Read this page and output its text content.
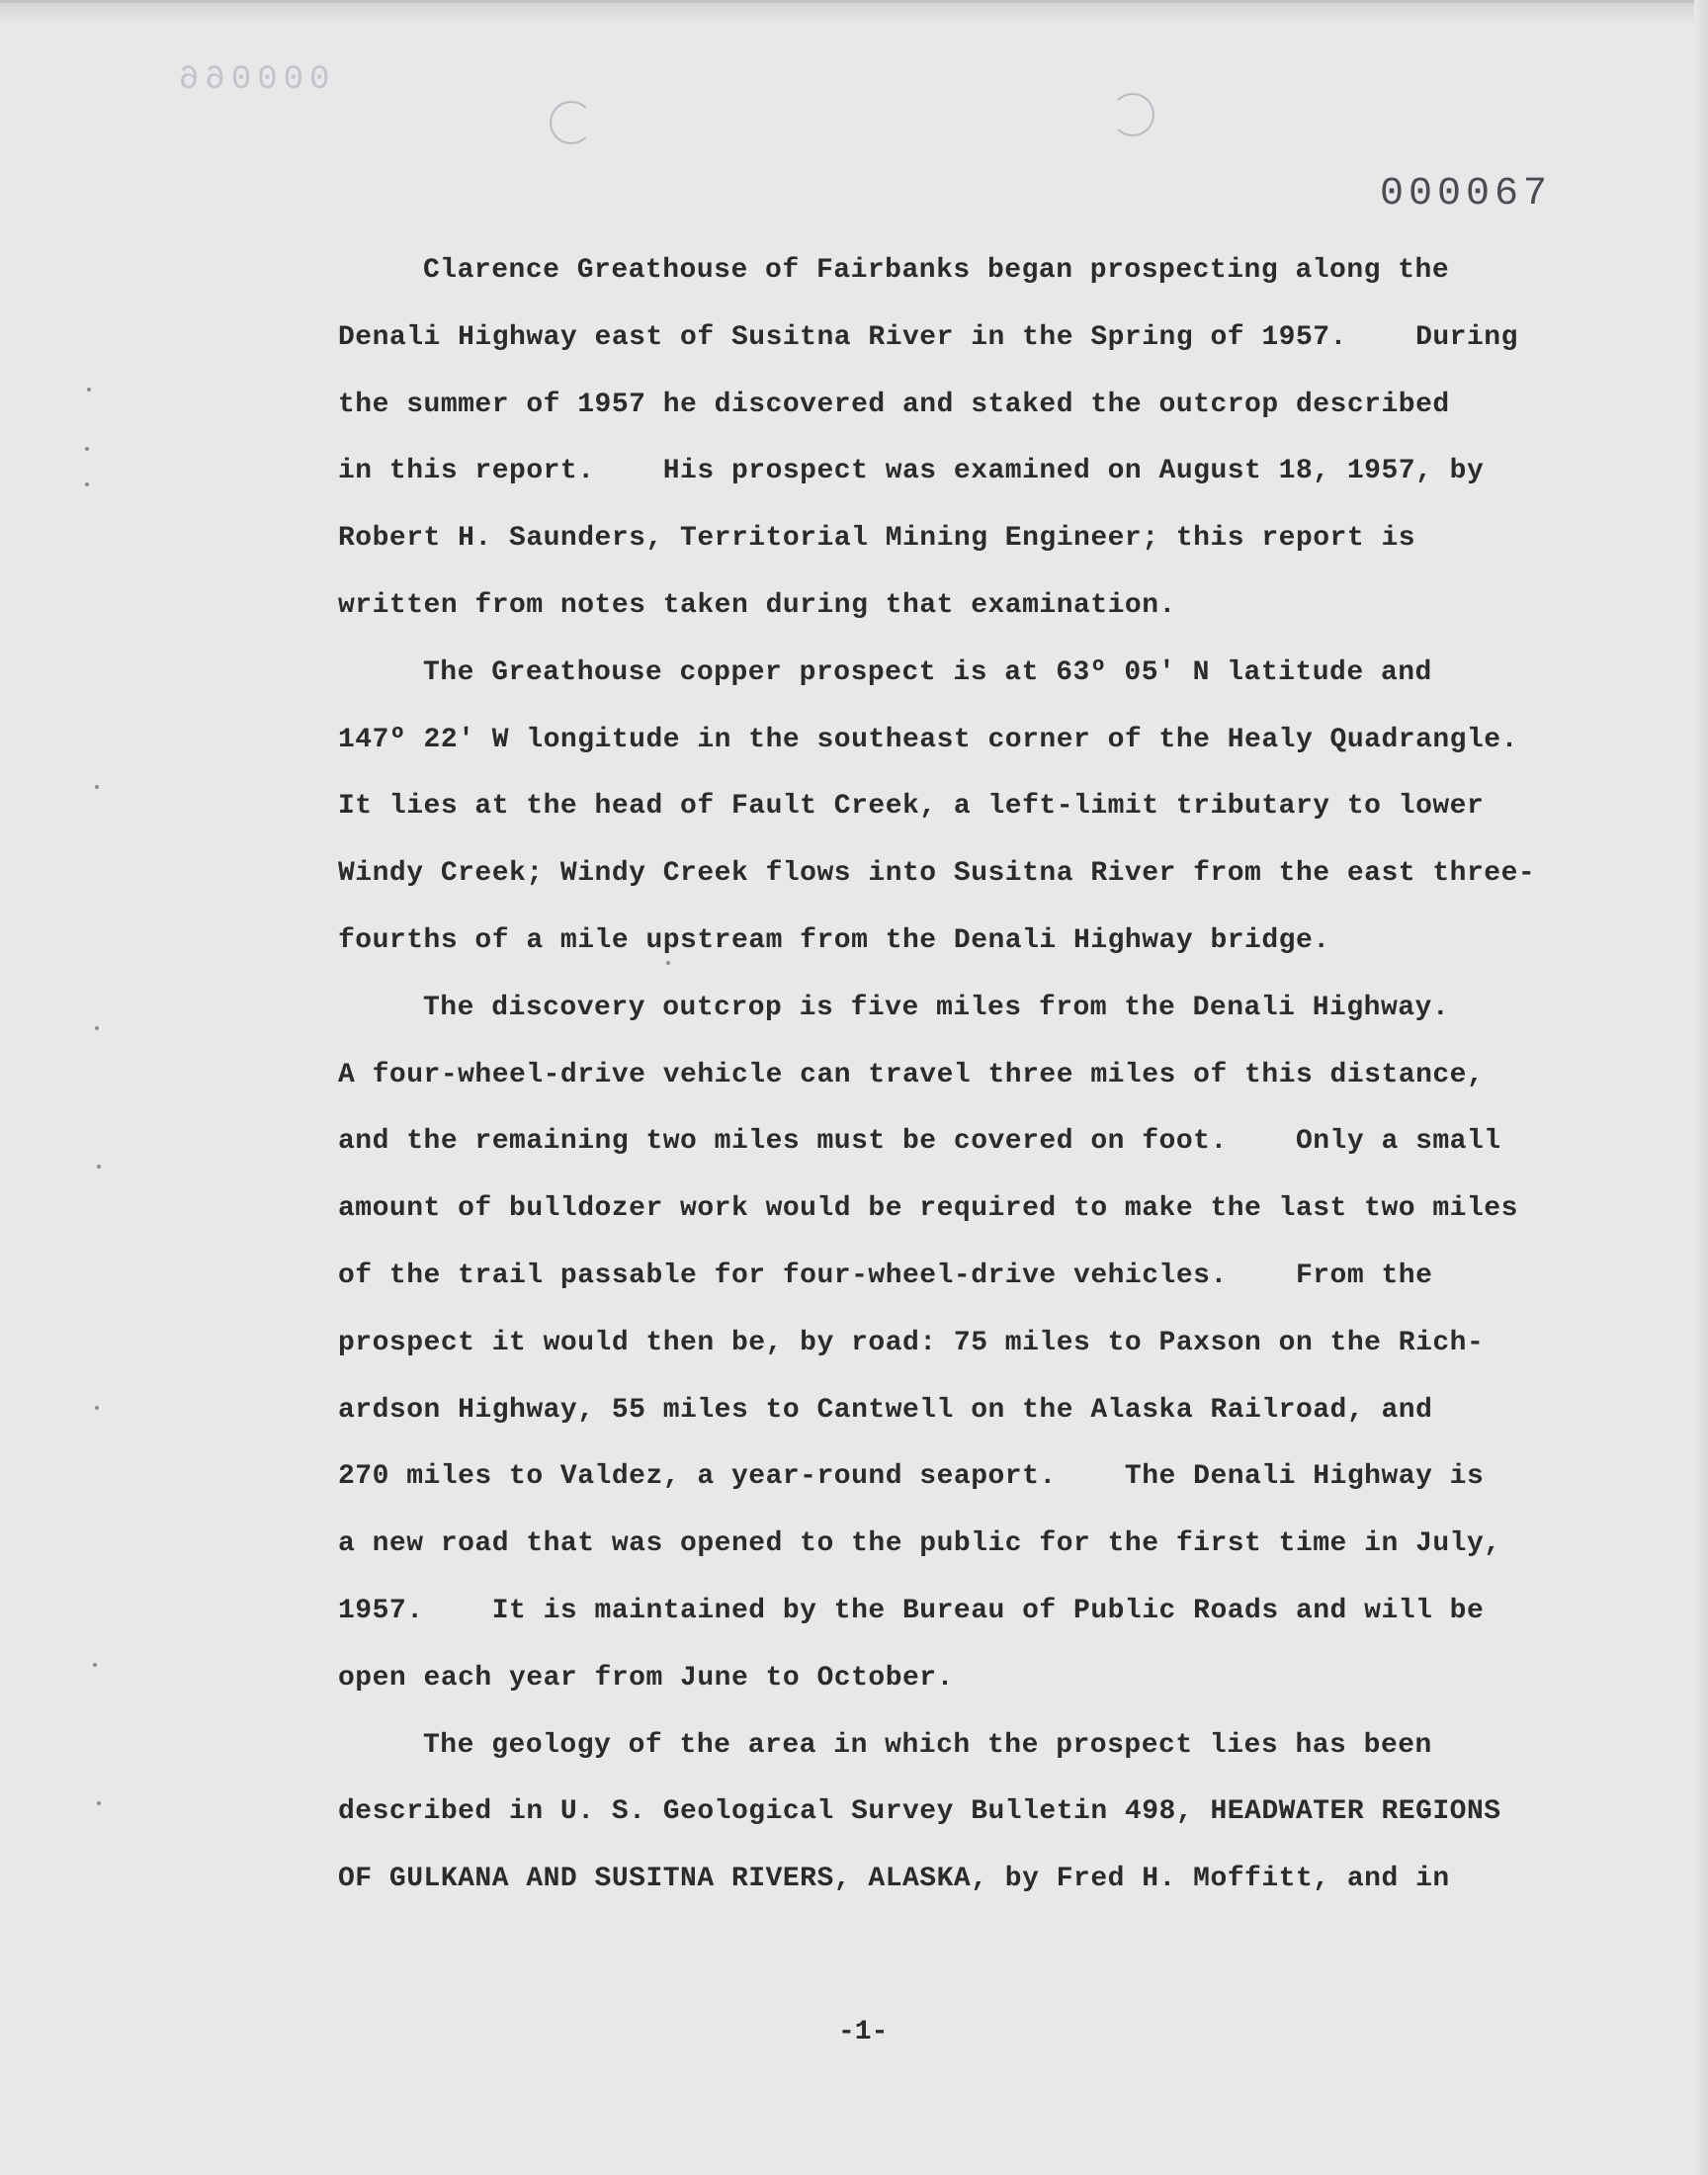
000066
000067
Clarence Greathouse of Fairbanks began prospecting along the
Denali Highway east of Susitna River in the Spring of 1957.    During
the summer of 1957 he discovered and staked the outcrop described
in this report.    His prospect was examined on August 18, 1957, by
Robert H. Saunders, Territorial Mining Engineer; this report is
written from notes taken during that examination.
The Greathouse copper prospect is at 63º 05' N latitude and
147º 22' W longitude in the southeast corner of the Healy Quadrangle.
It lies at the head of Fault Creek, a left-limit tributary to lower
Windy Creek; Windy Creek flows into Susitna River from the east three-
fourths of a mile upstream from the Denali Highway bridge.
The discovery outcrop is five miles from the Denali Highway.
A four-wheel-drive vehicle can travel three miles of this distance,
and the remaining two miles must be covered on foot.    Only a small
amount of bulldozer work would be required to make the last two miles
of the trail passable for four-wheel-drive vehicles.    From the
prospect it would then be, by road: 75 miles to Paxson on the Rich-
ardson Highway, 55 miles to Cantwell on the Alaska Railroad, and
270 miles to Valdez, a year-round seaport.    The Denali Highway is
a new road that was opened to the public for the first time in July,
1957.    It is maintained by the Bureau of Public Roads and will be
open each year from June to October.
The geology of the area in which the prospect lies has been
described in U. S. Geological Survey Bulletin 498, HEADWATER REGIONS
OF GULKANA AND SUSITNA RIVERS, ALASKA, by Fred H. Moffitt, and in
-1-
